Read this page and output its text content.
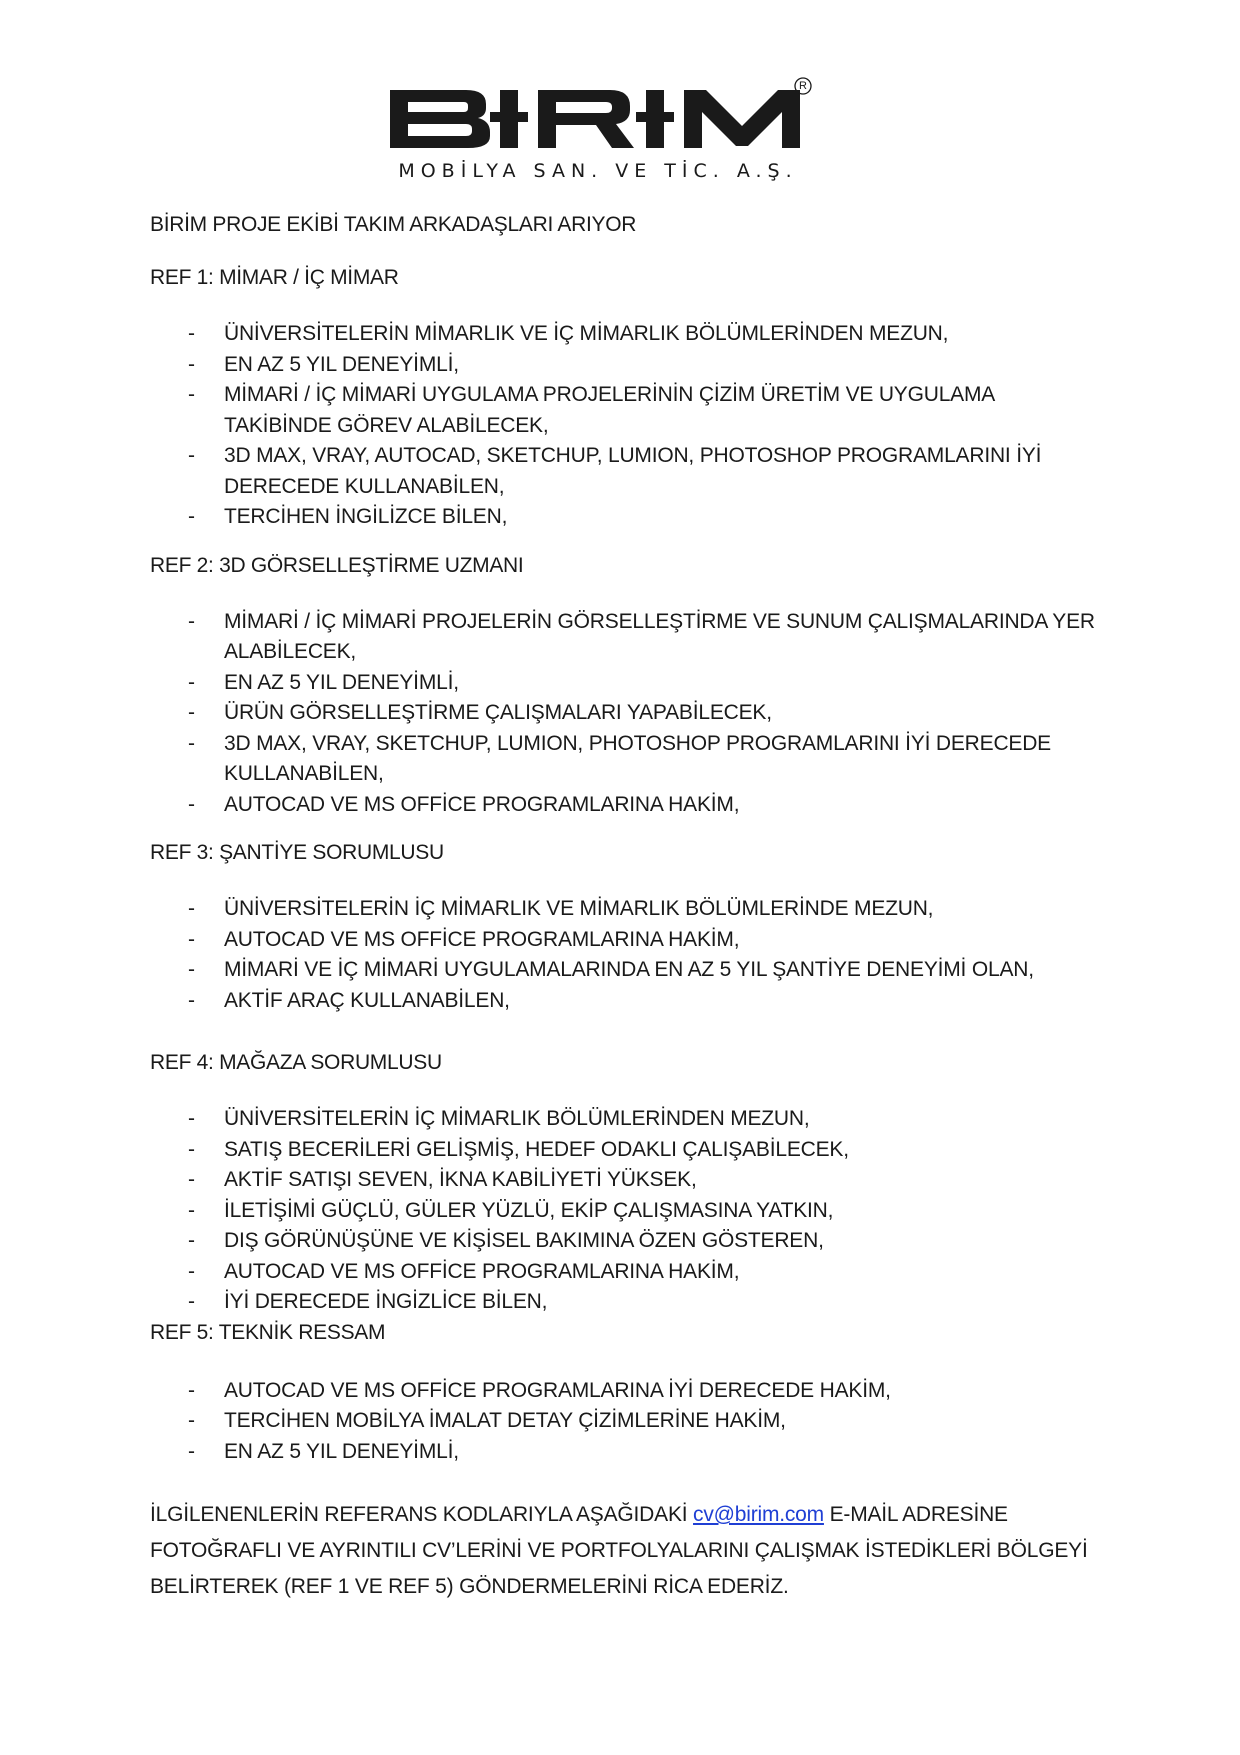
R
MOBİLYA SAN. VE TİC. A.Ş.

BİRİM PROJE EKİBİ TAKIM ARKADAŞLARI ARIYOR

REF 1: MİMAR / İÇ MİMAR

- ÜNİVERSİTELERİN MİMARLIK VE İÇ MİMARLIK BÖLÜMLERİNDEN MEZUN,
- EN AZ 5 YIL DENEYİMLİ,
- MİMARİ / İÇ MİMARİ UYGULAMA PROJELERİNİN ÇİZİM ÜRETİM VE UYGULAMA TAKİBİNDE GÖREV ALABİLECEK,
- 3D MAX, VRAY, AUTOCAD, SKETCHUP, LUMION, PHOTOSHOP PROGRAMLARINI İYİ DERECEDE KULLANABİLEN,
- TERCİHEN İNGİLİZCE BİLEN,

REF 2: 3D GÖRSELLEŞTİRME UZMANI

- MİMARİ / İÇ MİMARİ PROJELERİN GÖRSELLEŞTİRME VE SUNUM ÇALIŞMALARINDA YER ALABİLECEK,
- EN AZ 5 YIL DENEYİMLİ,
- ÜRÜN GÖRSELLEŞTİRME ÇALIŞMALARI YAPABİLECEK,
- 3D MAX, VRAY, SKETCHUP, LUMION, PHOTOSHOP PROGRAMLARINI İYİ DERECEDE KULLANABİLEN,
- AUTOCAD VE MS OFFİCE PROGRAMLARINA HAKİM,

REF 3: ŞANTİYE SORUMLUSU

- ÜNİVERSİTELERİN İÇ MİMARLIK VE MİMARLIK BÖLÜMLERİNDE MEZUN,
- AUTOCAD VE MS OFFİCE PROGRAMLARINA HAKİM,
- MİMARİ VE İÇ MİMARİ UYGULAMALARINDA EN AZ 5 YIL ŞANTİYE DENEYİMİ OLAN,
- AKTİF ARAÇ KULLANABİLEN,

REF 4: MAĞAZA SORUMLUSU

- ÜNİVERSİTELERİN İÇ MİMARLIK BÖLÜMLERİNDEN MEZUN,
- SATIŞ BECERİLERİ GELİŞMİŞ, HEDEF ODAKLI ÇALIŞABİLECEK,
- AKTİF SATIŞI SEVEN, İKNA KABİLİYETİ YÜKSEK,
- İLETİŞİMİ GÜÇLÜ, GÜLER YÜZLÜ, EKİP ÇALIŞMASINA YATKIN,
- DIŞ GÖRÜNÜŞÜNE VE KİŞİSEL BAKIMINA ÖZEN GÖSTEREN,
- AUTOCAD VE MS OFFİCE PROGRAMLARINA HAKİM,
- İYİ DERECEDE İNGİZLİCE BİLEN,

REF 5: TEKNİK RESSAM

- AUTOCAD VE MS OFFİCE PROGRAMLARINA İYİ DERECEDE HAKİM,
- TERCİHEN MOBİLYA İMALAT DETAY ÇİZİMLERİNE HAKİM,
- EN AZ 5 YIL DENEYİMLİ,

İLGİLENENLERİN REFERANS KODLARIYLA AŞAĞIDAKİ cv@birim.com E-MAİL ADRESİNE FOTOĞRAFLI VE AYRINTILI CV’LERİNİ VE PORTFOLYALARINI ÇALIŞMAK İSTEDİKLERİ BÖLGEYİ BELİRTEREK (REF 1 VE REF 5) GÖNDERMELERİNİ RİCA EDERİZ.
